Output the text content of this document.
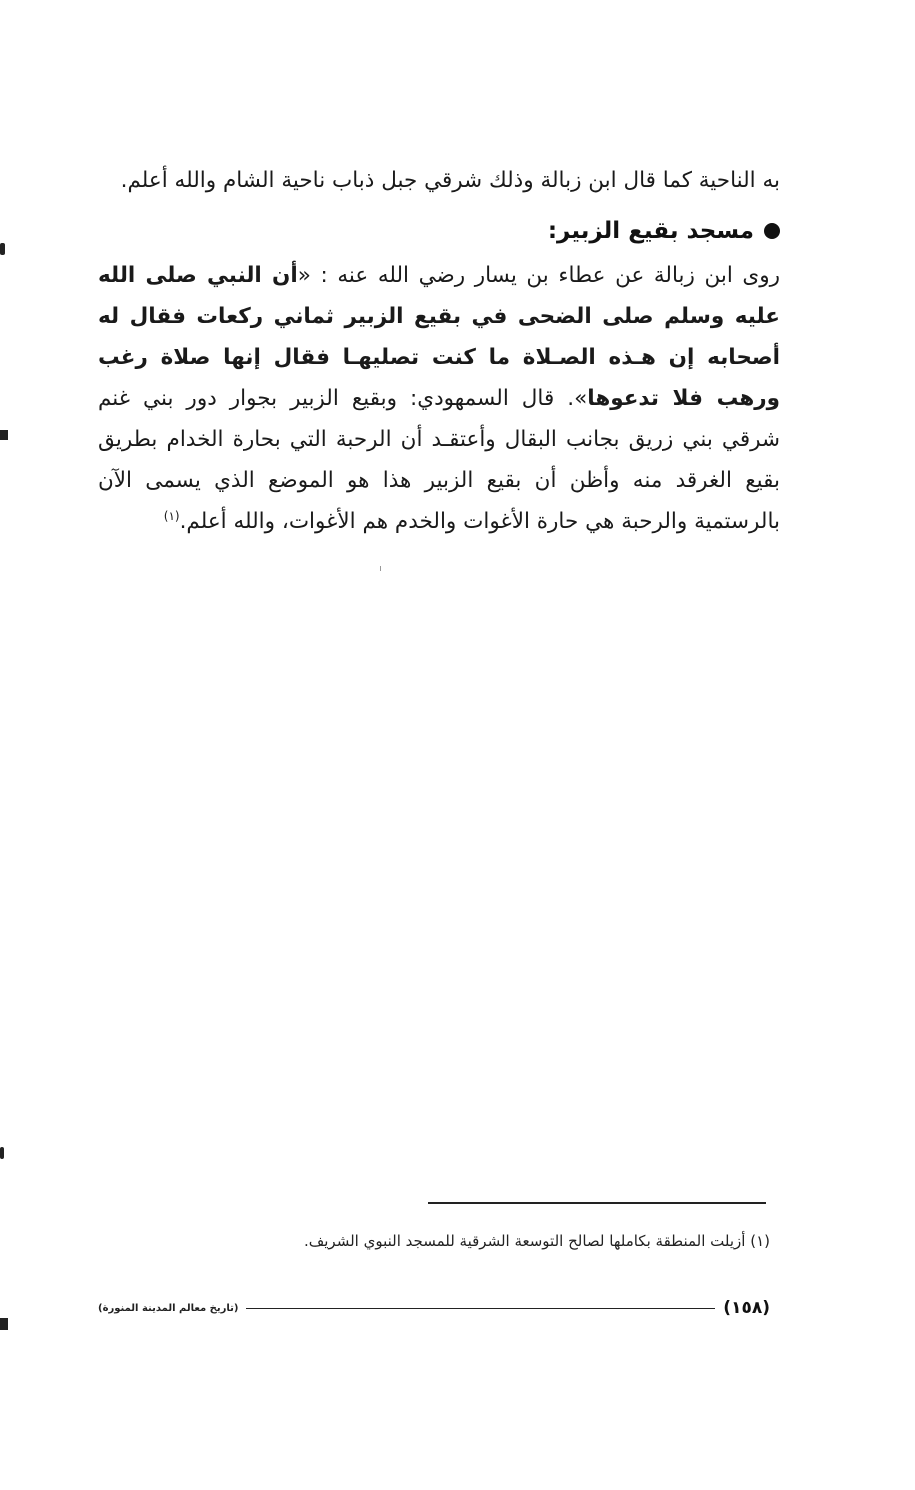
به الناحية كما قال ابن زبالة وذلك شرقي جبل ذباب ناحية الشام والله أعلم.

مسجد بقيع الزبير:

روى ابن زبالة عن عطاء بن يسار رضي الله عنه : «أن النبي صلى الله عليه وسلم صلى الضحى في بقيع الزبير ثماني ركعات فقال له أصحابه إن هـذه الصـلاة ما كنت تصليهـا فقال إنها صلاة رغب ورهب فلا تدعوها». قال السمهودي: وبقيع الزبير بجوار دور بني غنم شرقي بني زريق بجانب البقال وأعتقـد أن الرحبة التي بحارة الخدام بطريق بقيع الغرقد منه وأظن أن بقيع الزبير هذا هو الموضع الذي يسمى الآن بالرستمية والرحبة هي حارة الأغوات والخدم هم الأغوات، والله أعلم.$^{(١)}$

(١) أزيلت المنطقة بكاملها لصالح التوسعة الشرقية للمسجد النبوي الشريف.
(تاريخ معالم المدينة المنورة)	(١٥٨)
